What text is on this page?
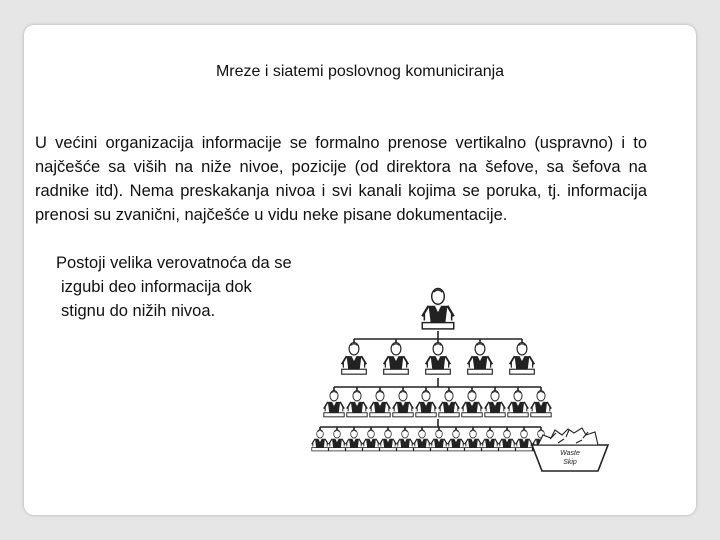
Mreze i siatemi poslovnog komuniciranja

U većini organizacija informacije se formalno prenose vertikalno (uspravno) i to najčešće sa viših na niže nivoe, pozicije (od direktora na šefove, sa šefova na radnike itd). Nema preskakanja nivoa i svi kanali kojima se poruka, tj. informacija prenosi su zvanični, najčešće u vidu neke pisane dokumentacije.

Postoji velika verovatnoća da se
izgubi deo informacija dok
stignu do nižih nivoa.
Waste
Skip
